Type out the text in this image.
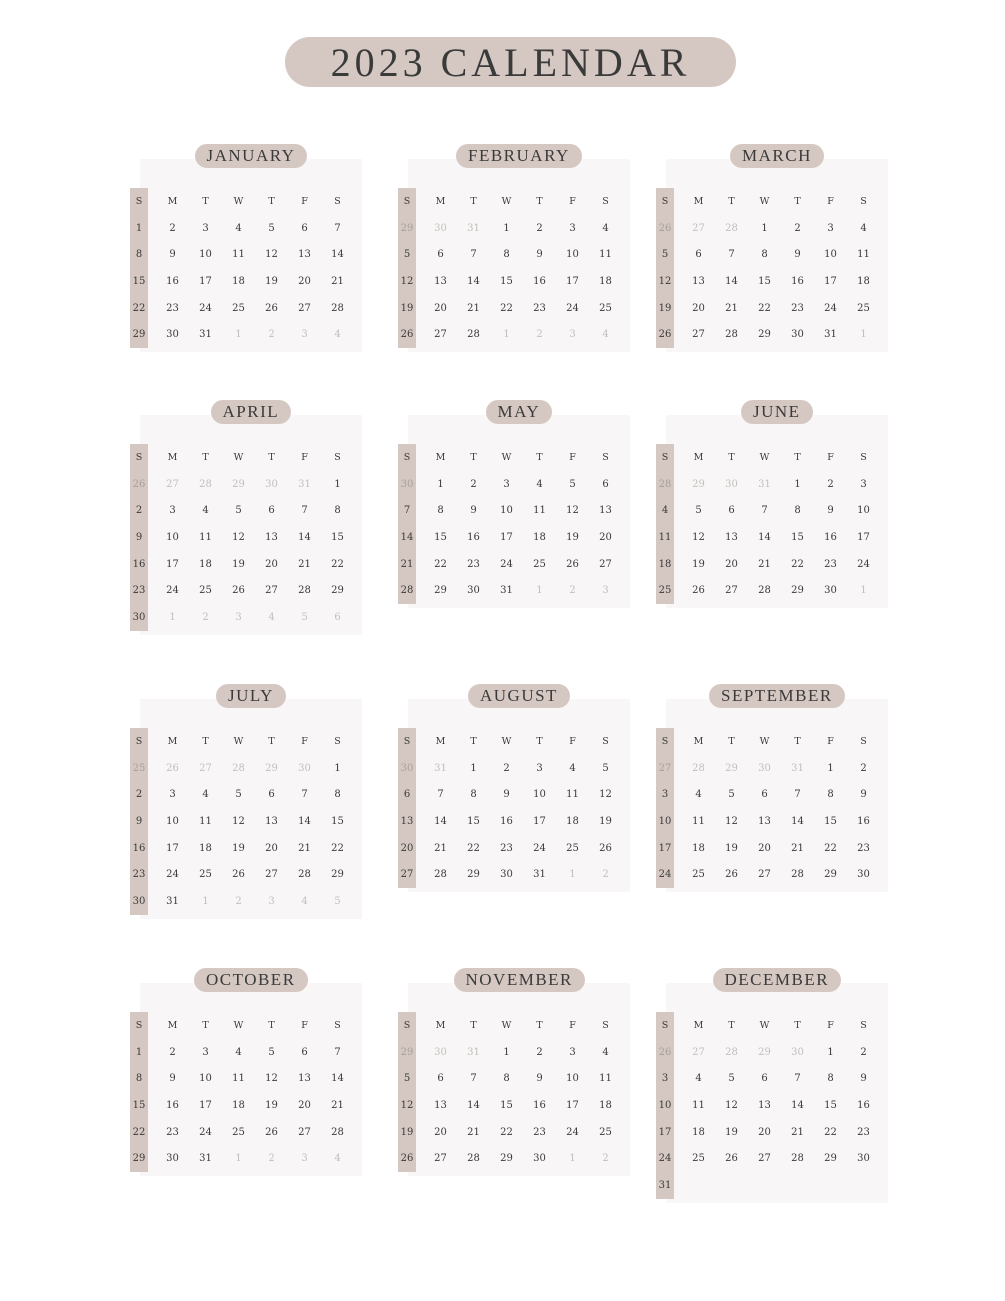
2023 CALENDAR
JANUARY
S	M	T	W	T	F	S
1	2	3	4	5	6	7
8	9	10	11	12	13	14
15	16	17	18	19	20	21
22	23	24	25	26	27	28
29	30	31	1	2	3	4
FEBRUARY
S	M	T	W	T	F	S
29	30	31	1	2	3	4
5	6	7	8	9	10	11
12	13	14	15	16	17	18
19	20	21	22	23	24	25
26	27	28	1	2	3	4
MARCH
S	M	T	W	T	F	S
26	27	28	1	2	3	4
5	6	7	8	9	10	11
12	13	14	15	16	17	18
19	20	21	22	23	24	25
26	27	28	29	30	31	1
APRIL
S	M	T	W	T	F	S
26	27	28	29	30	31	1
2	3	4	5	6	7	8
9	10	11	12	13	14	15
16	17	18	19	20	21	22
23	24	25	26	27	28	29
30	1	2	3	4	5	6
MAY
S	M	T	W	T	F	S
30	1	2	3	4	5	6
7	8	9	10	11	12	13
14	15	16	17	18	19	20
21	22	23	24	25	26	27
28	29	30	31	1	2	3
JUNE
S	M	T	W	T	F	S
28	29	30	31	1	2	3
4	5	6	7	8	9	10
11	12	13	14	15	16	17
18	19	20	21	22	23	24
25	26	27	28	29	30	1
JULY
S	M	T	W	T	F	S
25	26	27	28	29	30	1
2	3	4	5	6	7	8
9	10	11	12	13	14	15
16	17	18	19	20	21	22
23	24	25	26	27	28	29
30	31	1	2	3	4	5
AUGUST
S	M	T	W	T	F	S
30	31	1	2	3	4	5
6	7	8	9	10	11	12
13	14	15	16	17	18	19
20	21	22	23	24	25	26
27	28	29	30	31	1	2
SEPTEMBER
S	M	T	W	T	F	S
27	28	29	30	31	1	2
3	4	5	6	7	8	9
10	11	12	13	14	15	16
17	18	19	20	21	22	23
24	25	26	27	28	29	30
OCTOBER
S	M	T	W	T	F	S
1	2	3	4	5	6	7
8	9	10	11	12	13	14
15	16	17	18	19	20	21
22	23	24	25	26	27	28
29	30	31	1	2	3	4
NOVEMBER
S	M	T	W	T	F	S
29	30	31	1	2	3	4
5	6	7	8	9	10	11
12	13	14	15	16	17	18
19	20	21	22	23	24	25
26	27	28	29	30	1	2
DECEMBER
S	M	T	W	T	F	S
26	27	28	29	30	1	2
3	4	5	6	7	8	9
10	11	12	13	14	15	16
17	18	19	20	21	22	23
24	25	26	27	28	29	30
31
